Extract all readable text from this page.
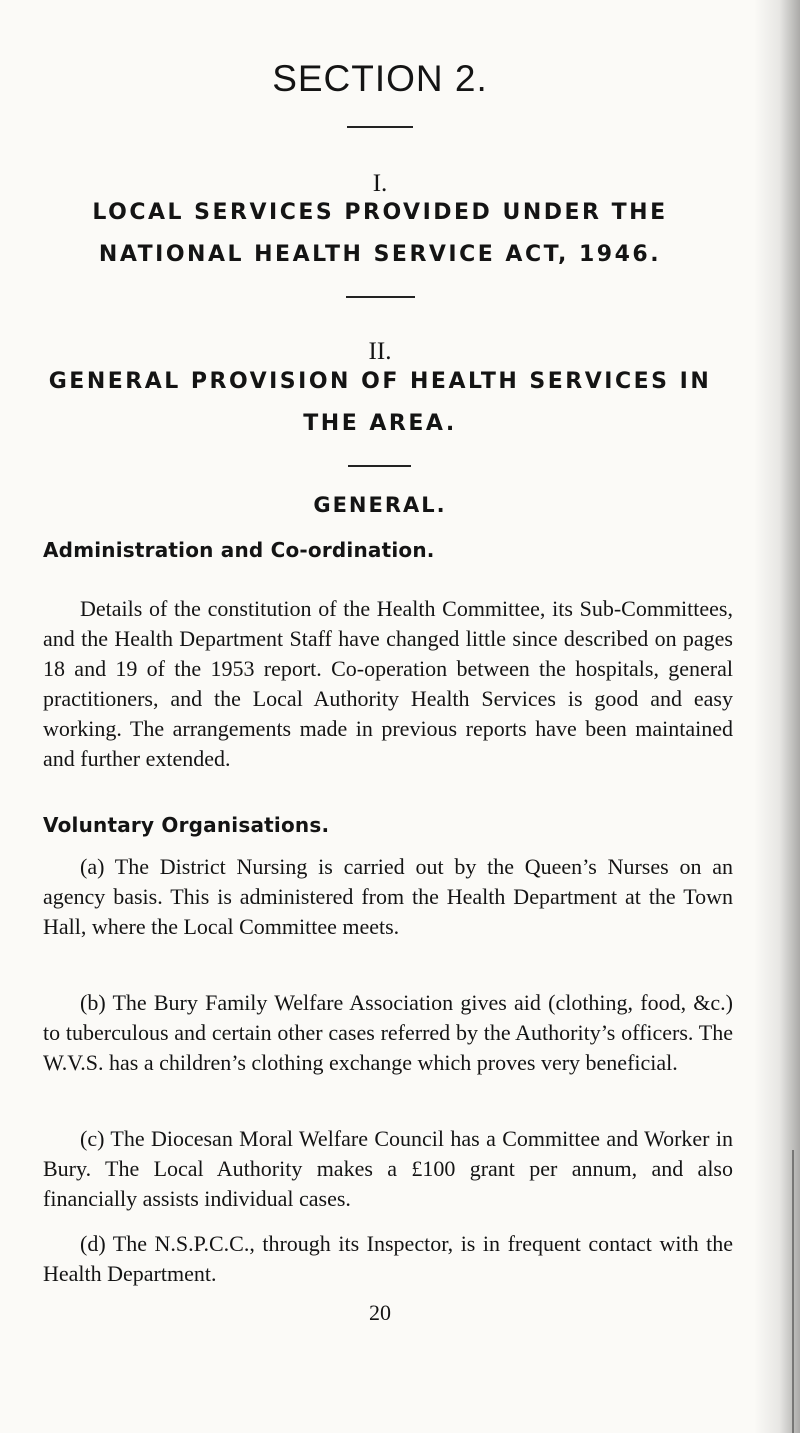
SECTION 2.
I.
LOCAL SERVICES PROVIDED UNDER THE
NATIONAL HEALTH SERVICE ACT, 1946.
II.
GENERAL PROVISION OF HEALTH SERVICES IN
THE AREA.
GENERAL.
Administration and Co-ordination.

Details of the constitution of the Health Committee, its Sub-Committees, and the Health Department Staff have changed little since described on pages 18 and 19 of the 1953 report. Co-operation between the hospitals, general practitioners, and the Local Authority Health Services is good and easy working. The arrangements made in previous reports have been maintained and further extended.

Voluntary Organisations.

(a) The District Nursing is carried out by the Queen’s Nurses on an agency basis. This is administered from the Health Department at the Town Hall, where the Local Committee meets.

(b) The Bury Family Welfare Association gives aid (clothing, food, &c.) to tuberculous and certain other cases referred by the Authority’s officers. The W.V.S. has a children’s clothing exchange which proves very beneficial.

(c) The Diocesan Moral Welfare Council has a Committee and Worker in Bury. The Local Authority makes a £100 grant per annum, and also financially assists individual cases.

(d) The N.S.P.C.C., through its Inspector, is in frequent contact with the Health Department.

20
